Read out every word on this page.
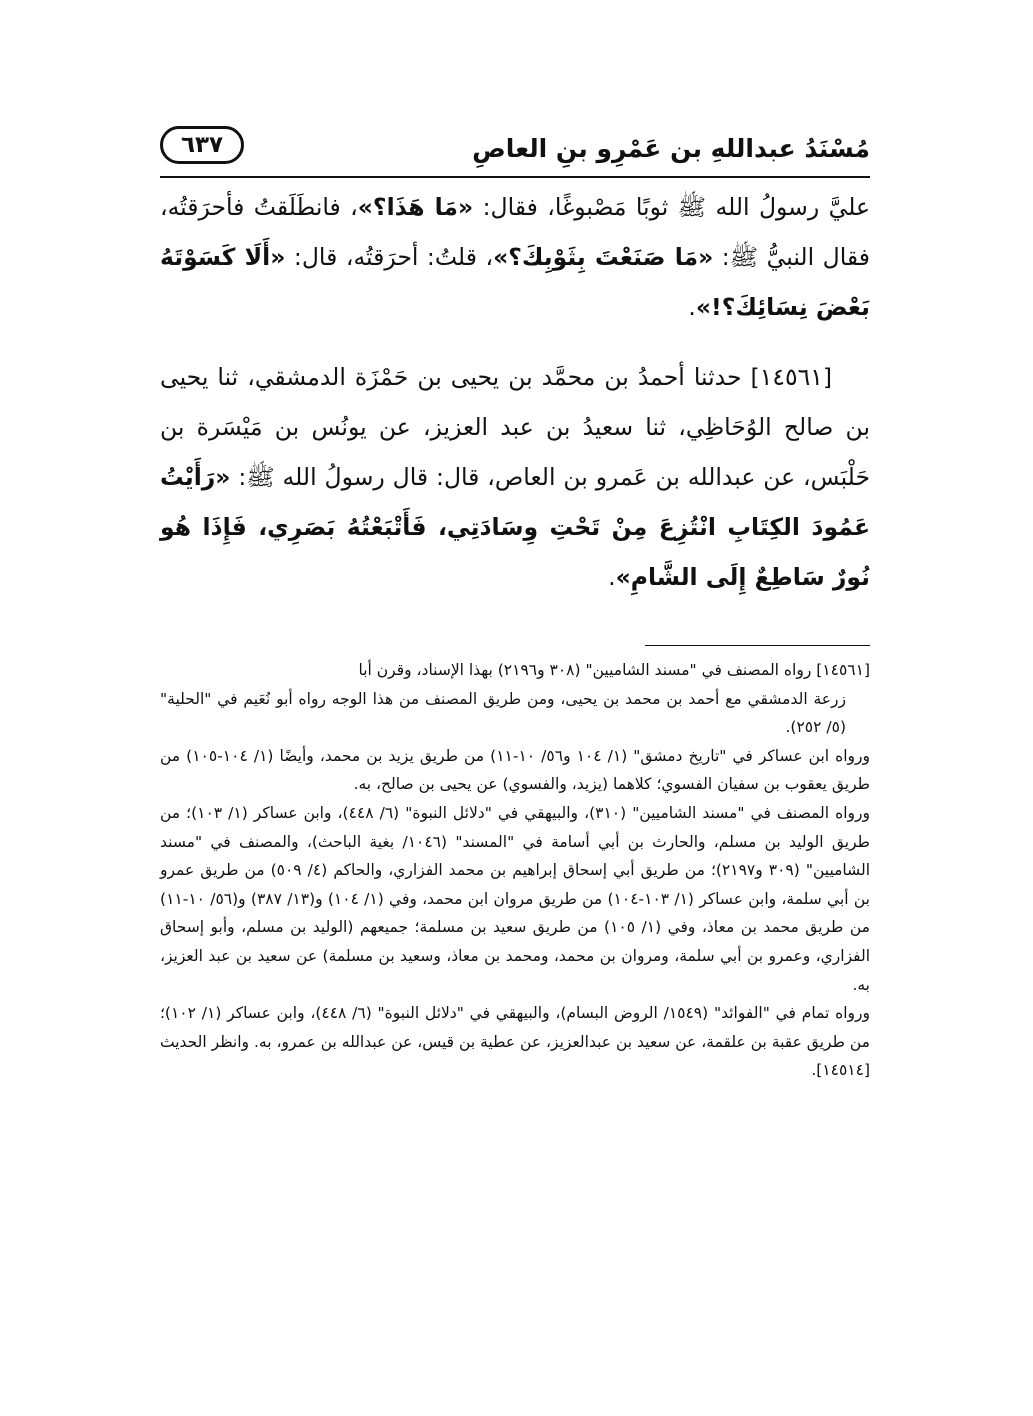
مُسْنَدُ عبداللهِ بن عَمْرِو بنِ العاصِ
٦٣٧

عليَّ رسولُ الله ﷺ ثوبًا مَصْبوغًا، فقال: «مَا هَذَا؟»، فانطَلَقتُ فأحرَقتُه، فقال النبيُّ ﷺ: «مَا صَنَعْتَ بِثَوْبِكَ؟»، قلتُ: أحرَقتُه، قال: «أَلَا كَسَوْتَهُ بَعْضَ نِسَائِكَ؟!».

[١٤٥٦١] حدثنا أحمدُ بن محمَّد بن يحيى بن حَمْزَة الدمشقي، ثنا يحيى بن صالح الوُحَاظِي، ثنا سعيدُ بن عبد العزيز، عن يونُس بن مَيْسَرة بن حَلْبَس، عن عبدالله بن عَمرو بن العاص، قال: قال رسولُ الله ﷺ: «رَأَيْتُ عَمُودَ الكِتَابِ انْتُزِعَ مِنْ تَحْتِ وِسَادَتِي، فَأَتْبَعْتُهُ بَصَرِي، فَإِذَا هُو نُورٌ سَاطِعٌ إِلَى الشَّامِ».

[١٤٥٦١] رواه المصنف في "مسند الشاميين" (٣٠٨ و٢١٩٦) بهذا الإسناد، وقرن أبا

زرعة الدمشقي مع أحمد بن محمد بن يحيى، ومن طريق المصنف من هذا الوجه رواه أبو نُعَيم في "الحلية" (٥/ ٢٥٢).

ورواه ابن عساكر في "تاريخ دمشق" (١/ ١٠٤ و٥٦/ ١٠-١١) من طريق يزيد بن محمد، وأيضًا (١/ ١٠٤-١٠٥) من طريق يعقوب بن سفيان الفسوي؛ كلاهما (يزيد، والفسوي) عن يحيى بن صالح، به.

ورواه المصنف في "مسند الشاميين" (٣١٠)، والبيهقي في "دلائل النبوة" (٦/ ٤٤٨)، وابن عساكر (١/ ١٠٣)؛ من طريق الوليد بن مسلم، والحارث بن أبي أسامة في "المسند" (١٠٤٦/ بغية الباحث)، والمصنف في "مسند الشاميين" (٣٠٩ و٢١٩٧)؛ من طريق أبي إسحاق إبراهيم بن محمد الفزاري، والحاكم (٤/ ٥٠٩) من طريق عمرو بن أبي سلمة، وابن عساكر (١/ ١٠٣-١٠٤) من طريق مروان ابن محمد، وفي (١/ ١٠٤) و(١٣/ ٣٨٧) و(٥٦/ ١٠-١١) من طريق محمد بن معاذ، وفي (١/ ١٠٥) من طريق سعيد بن مسلمة؛ جميعهم (الوليد بن مسلم، وأبو إسحاق الفزاري، وعمرو بن أبي سلمة، ومروان بن محمد، ومحمد بن معاذ، وسعيد بن مسلمة) عن سعيد بن عبد العزيز، به.

ورواه تمام في "الفوائد" (١٥٤٩/ الروض البسام)، والبيهقي في "دلائل النبوة" (٦/ ٤٤٨)، وابن عساكر (١/ ١٠٢)؛ من طريق عقبة بن علقمة، عن سعيد بن عبدالعزيز، عن عطية بن قيس، عن عبدالله بن عمرو، به. وانظر الحديث [١٤٥١٤].
